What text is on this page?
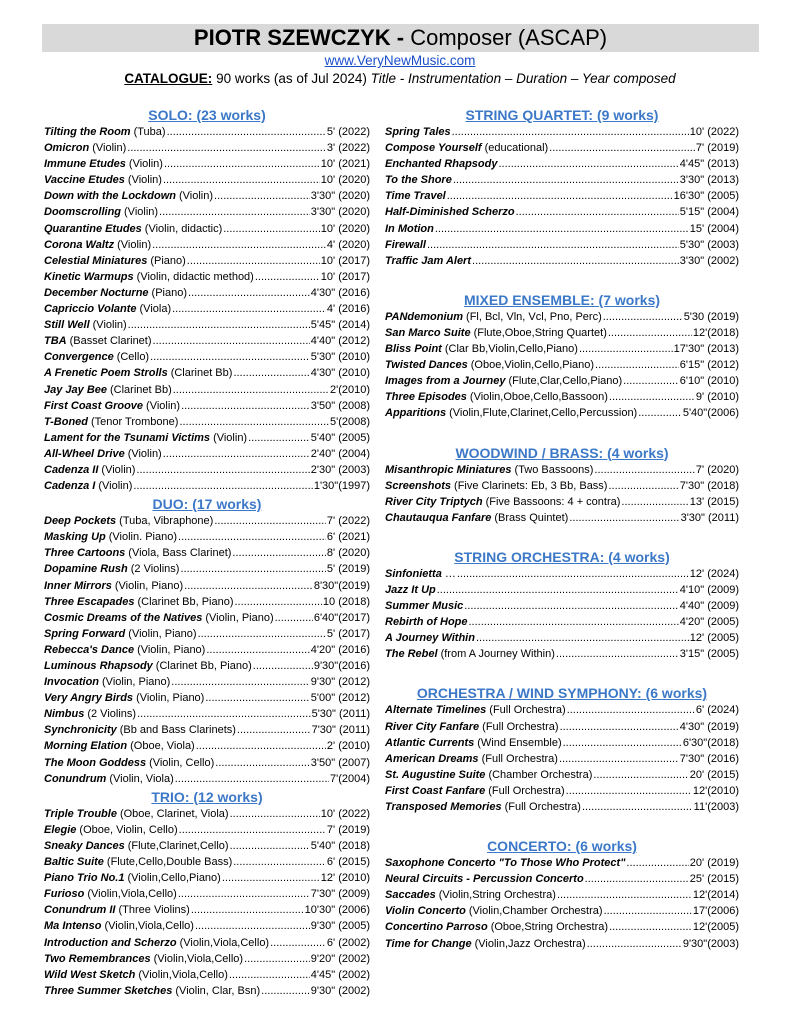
PIOTR SZEWCZYK - Composer (ASCAP)
www.VeryNewMusic.com
CATALOGUE: 90 works (as of Jul 2024) Title - Instrumentation – Duration – Year composed
SOLO: (23 works)
Tilting the Room (Tuba) .....	5' (2022)
Omicron (Violin) .....	3' (2022)
Immune Etudes (Violin) .....	10' (2021)
Vaccine Etudes (Violin) .....	10' (2020)
Down with the Lockdown (Violin) .....	3'30" (2020)
Doomscrolling (Violin) .....	3'30" (2020)
Quarantine Etudes (Violin, didactic) .....	10' (2020)
Corona Waltz (Violin) .....	4' (2020)
Celestial Miniatures (Piano) .....	10' (2017)
Kinetic Warmups (Violin, didactic method) .....	10' (2017)
December Nocturne (Piano) .....	4'30" (2016)
Capriccio Volante (Viola) .....	4' (2016)
Still Well (Violin) .....	5'45" (2014)
TBA (Basset Clarinet) .....	4'40" (2012)
Convergence (Cello) .....	5'30" (2010)
A Frenetic Poem Strolls (Clarinet Bb) .....	4'30" (2010)
Jay Jay Bee (Clarinet Bb) .....	2'(2010)
First Coast Groove (Violin) .....	3'50" (2008)
T-Boned (Tenor Trombone) .....	5'(2008)
Lament for the Tsunami Victims (Violin) .....	5'40" (2005)
All-Wheel Drive (Violin) .....	2'40" (2004)
Cadenza II (Violin) .....	2'30" (2003)
Cadenza I (Violin) .....	1'30"(1997)
DUO: (17 works)
Deep Pockets (Tuba, Vibraphone) .....	7' (2022)
Masking Up (Violin. Piano) .....	6' (2021)
Three Cartoons (Viola, Bass Clarinet) .....	8' (2020)
Dopamine Rush (2 Violins) .....	5' (2019)
Inner Mirrors (Violin, Piano) .....	8'30"(2019)
Three Escapades (Clarinet Bb, Piano) .....	10 (2018)
Cosmic Dreams of the Natives (Violin, Piano) .....	6'40"(2017)
Spring Forward (Violin, Piano) .....	5' (2017)
Rebecca's Dance (Violin, Piano) .....	4'20" (2016)
Luminous Rhapsody (Clarinet Bb, Piano) .....	9'30"(2016)
Invocation (Violin, Piano) .....	9'30" (2012)
Very Angry Birds (Violin, Piano) .....	5'00" (2012)
Nimbus (2 Violins) .....	5'30" (2011)
Synchronicity (Bb and Bass Clarinets) .....	7'30" (2011)
Morning Elation (Oboe, Viola) .....	2' (2010)
The Moon Goddess (Violin, Cello) .....	3'50" (2007)
Conundrum (Violin, Viola) .....	7'(2004)
TRIO: (12 works)
Triple Trouble (Oboe, Clarinet, Viola) .....	10' (2022)
Elegie (Oboe, Violin, Cello) .....	7' (2019)
Sneaky Dances (Flute,Clarinet,Cello) .....	5'40" (2018)
Baltic Suite (Flute,Cello,Double Bass) .....	6' (2015)
Piano Trio No.1 (Violin,Cello,Piano) .....	12' (2010)
Furioso (Violin,Viola,Cello) .....	7'30" (2009)
Conundrum II (Three Violins) .....	10'30" (2006)
Ma Intenso (Violin,Viola,Cello) .....	9'30" (2005)
Introduction and Scherzo (Violin,Viola,Cello) .....	6' (2002)
Two Remembrances (Violin,Viola,Cello) .....	9'20" (2002)
Wild West Sketch (Violin,Viola,Cello) .....	4'45" (2002)
Three Summer Sketches (Violin, Clar, Bsn) .....	9'30" (2002)
STRING QUARTET: (9 works)
Spring Tales .....	10' (2022)
Compose Yourself (educational) .....	7' (2019)
Enchanted Rhapsody .....	4'45" (2013)
To the Shore .....	3'30" (2013)
Time Travel .....	16'30" (2005)
Half-Diminished Scherzo .....	5'15" (2004)
In Motion .....	15' (2004)
Firewall .....	5'30" (2003)
Traffic Jam Alert .....	3'30" (2002)
MIXED ENSEMBLE: (7 works)
PANdemonium (Fl, Bcl, Vln, Vcl, Pno, Perc) .....	5'30 (2019)
San Marco Suite (Flute,Oboe,String Quartet) .....	12'(2018)
Bliss Point (Clar Bb,Violin,Cello,Piano) .....	17'30" (2013)
Twisted Dances (Oboe,Violin,Cello,Piano) .....	6'15" (2012)
Images from a Journey (Flute,Clar,Cello,Piano) .....	6'10" (2010)
Three Episodes (Violin,Oboe,Cello,Bassoon) .....	9' (2010)
Apparitions (Violin,Flute,Clarinet,Cello,Percussion) .....	5'40"(2006)
WOODWIND / BRASS: (4 works)
Misanthropic Miniatures (Two Bassoons) .....	7' (2020)
Screenshots (Five Clarinets: Eb, 3 Bb, Bass) .....	7'30" (2018)
River City Triptych (Five Bassoons: 4 + contra) .....	13' (2015)
Chautauqua Fanfare (Brass Quintet) .....	3'30" (2011)
STRING ORCHESTRA: (4 works)
Sinfonietta … .....	12' (2024)
Jazz It Up .....	4'10" (2009)
Summer Music .....	4'40" (2009)
Rebirth of Hope .....	4'20" (2005)
A Journey Within .....	12' (2005)
The Rebel (from A Journey Within) .....	3'15" (2005)
ORCHESTRA / WIND SYMPHONY: (6 works)
Alternate Timelines (Full Orchestra) .....	6' (2024)
River City Fanfare (Full Orchestra) .....	4'30" (2019)
Atlantic Currents (Wind Ensemble) .....	6'30"(2018)
American Dreams (Full Orchestra) .....	7'30" (2016)
St. Augustine Suite (Chamber Orchestra) .....	20' (2015)
First Coast Fanfare (Full Orchestra) .....	12'(2010)
Transposed Memories (Full Orchestra) .....	11'(2003)
CONCERTO: (6 works)
Saxophone Concerto "To Those Who Protect" .....	20' (2019)
Neural Circuits - Percussion Concerto .....	25' (2015)
Saccades (Violin,String Orchestra) .....	12'(2014)
Violin Concerto (Violin,Chamber Orchestra) .....	17'(2006)
Concertino Parroso (Oboe,String Orchestra) .....	12'(2005)
Time for Change (Violin,Jazz Orchestra) .....	9'30"(2003)
